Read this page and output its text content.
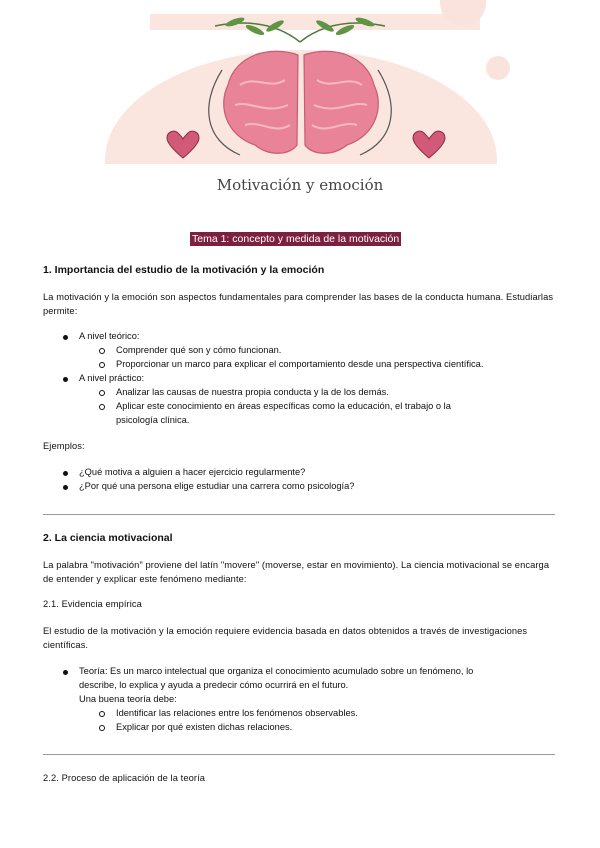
Motivación y emoción
Tema 1: concepto y medida de la motivación
1. Importancia del estudio de la motivación y la emoción
La motivación y la emoción son aspectos fundamentales para comprender las bases de la conducta humana. Estudiarlas permite:
A nivel teórico:
Comprender qué son y cómo funcionan.
Proporcionar un marco para explicar el comportamiento desde una perspectiva científica.
A nivel práctico:
Analizar las causas de nuestra propia conducta y la de los demás.
Aplicar este conocimiento en áreas específicas como la educación, el trabajo o la
psicología clínica.
Ejemplos:
¿Qué motiva a alguien a hacer ejercicio regularmente?
¿Por qué una persona elige estudiar una carrera como psicología?
2. La ciencia motivacional
La palabra "motivación" proviene del latín "movere" (moverse, estar en movimiento). La ciencia motivacional se encarga de entender y explicar este fenómeno mediante:
2.1. Evidencia empírica
El estudio de la motivación y la emoción requiere evidencia basada en datos obtenidos a través de investigaciones científicas.
Teoría: Es un marco intelectual que organiza el conocimiento acumulado sobre un fenómeno, lo
describe, lo explica y ayuda a predecir cómo ocurrirá en el futuro.
Una buena teoría debe:
Identificar las relaciones entre los fenómenos observables.
Explicar por qué existen dichas relaciones.
2.2. Proceso de aplicación de la teoría
